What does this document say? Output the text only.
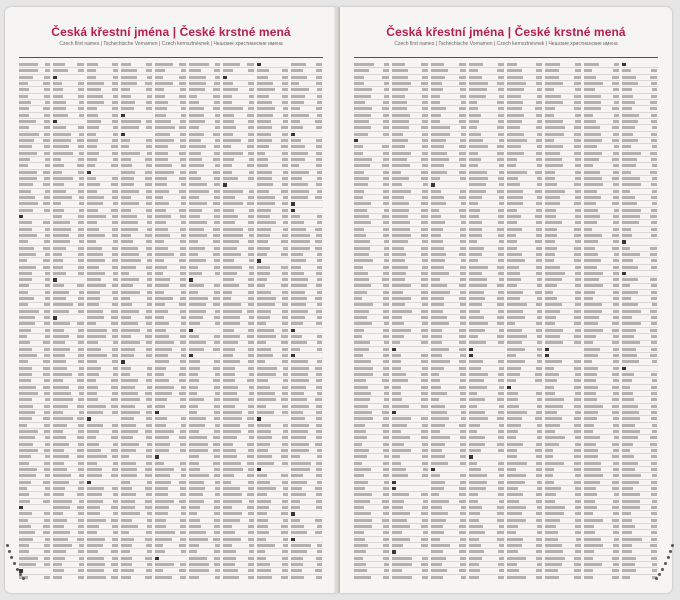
Česká křestní jména | České krstné mená
Czech first names | Tschechische Vornamen | Czech kernsztnévnek | Чешские христианские имена
Česká křestní jména | České krstné mená
Czech first names | Tschechische Vornamen | Czech kernsztnévnek | Чешские христианские имена
